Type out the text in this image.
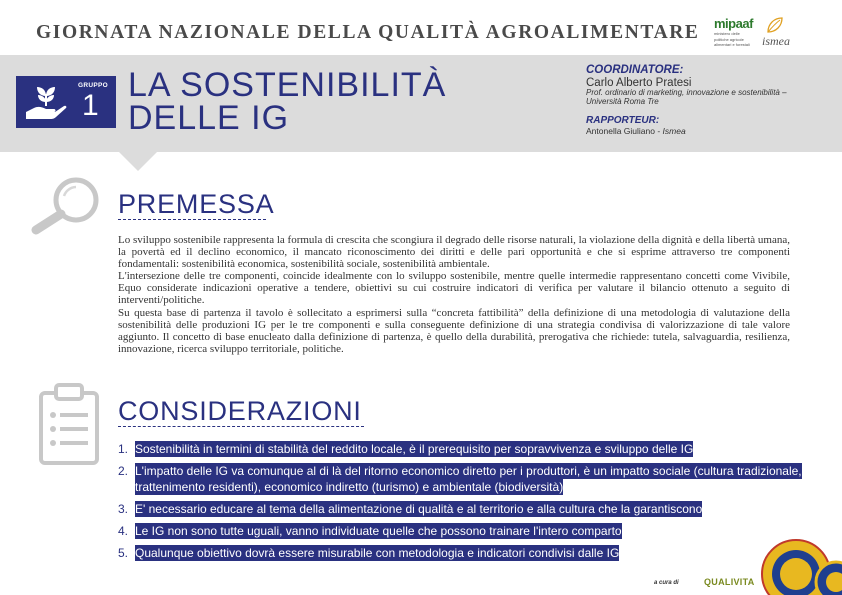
GIORNATA NAZIONALE DELLA QUALITÀ AGROALIMENTARE	mipaaf
ministero delle
politiche agricole
alimentari e forestali	ismea
GRUPPO
1
LA SOSTENIBILITÀ
DELLE IG
COORDINATORE:
Carlo Alberto Pratesi
Prof. ordinario di marketing, innovazione e sostenibilità –
Università Roma Tre
RAPPORTEUR:
Antonella Giuliano - Ismea
PREMESSA

Lo sviluppo sostenibile rappresenta la formula di crescita che scongiura il degrado delle risorse naturali, la violazione della dignità e della libertà umana, la povertà ed il declino economico, il mancato riconoscimento dei diritti e delle pari opportunità e che si esprime attraverso tre componenti fondamentali: sostenibilità economica, sostenibilità sociale, sostenibilità ambientale.

L'intersezione delle tre componenti, coincide idealmente con lo sviluppo sostenibile, mentre quelle intermedie rappresentano concetti come Vivibile, Equo considerate indicazioni operative a tendere, obiettivi su cui costruire indicatori di verifica per valutare il bilancio ottenuto a seguito di interventi/politiche.

Su questa base di partenza il tavolo è sollecitato a esprimersi sulla “concreta fattibilità” della definizione di una metodologia di valutazione della sostenibilità delle produzioni IG per le tre componenti e sulla conseguente definizione di una strategia condivisa di valorizzazione di tale valore aggiunto. Il concetto di base enucleato dalla definizione di partenza, è quello della durabilità, prerogativa che richiede: tutela, salvaguardia, resilienza, innovazione, ricerca sviluppo territoriale, politiche.

CONSIDERAZIONI
1. Sostenibilità in termini di stabilità del reddito locale, è il prerequisito per sopravvivenza e sviluppo delle IG
2. L'impatto delle IG va comunque al di là del ritorno economico diretto per i produttori, è un impatto sociale (cultura tradizionale, trattenimento residenti), economico indiretto (turismo) e ambientale (biodiversità)
3. E' necessario educare al tema della alimentazione di qualità e al territorio e alla cultura che la garantiscono
4. Le IG non sono tutte uguali, vanno individuate quelle che possono trainare l'intero comparto
5. Qualunque obiettivo dovrà essere misurabile con metodologia e indicatori condivisi dalle IG
a cura di	QUALIVITA
